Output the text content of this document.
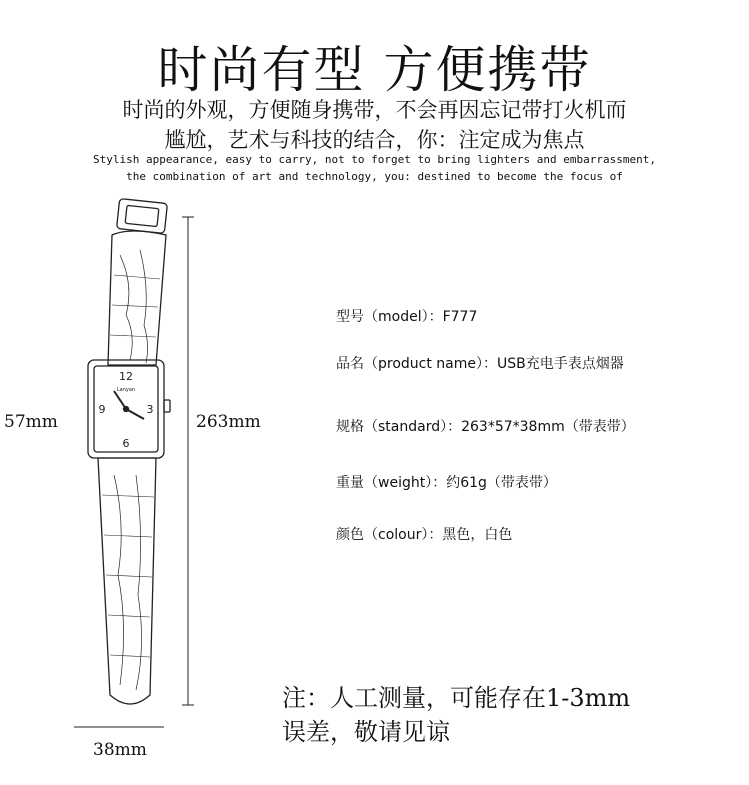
时尚有型 方便携带
时尚的外观，方便随身携带，不会再因忘记带打火机而
尴尬，艺术与科技的结合，你：注定成为焦点
Stylish appearance, easy to carry, not to forget to bring lighters and embarrassment,
the combination of art and technology, you: destined to become the focus of
12
3
6
9
Lanyan
263mm
57mm
38mm
型号（model）：F777
品名（product name）：USB充电手表点烟器
规格（standard）：263*57*38mm（带表带）
重量（weight）：约61g（带表带）
颜色（colour）：黑色，白色
注：人工测量，可能存在1-3mm
误差，敬请见谅
